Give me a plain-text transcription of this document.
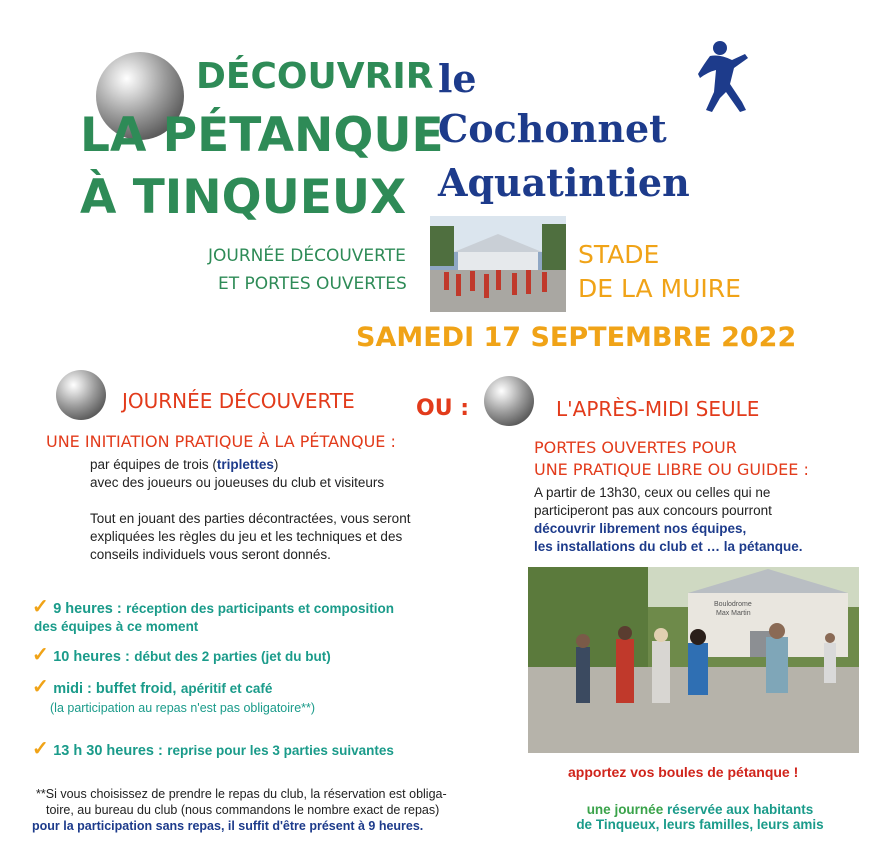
DÉCOUVRIR
LA PÉTANQUE
À TINQUEUX
le
Cochonnet
Aquatintien
JOURNÉE DÉCOUVERTE
ET PORTES OUVERTES
STADE
DE LA MUIRE
SAMEDI 17 SEPTEMBRE 2022
JOURNÉE DÉCOUVERTE	OU :	L'APRÈS-MIDI SEULE
UNE INITIATION PRATIQUE À LA PÉTANQUE :
par équipes de trois (triplettes)
avec des joueurs ou joueuses du club et visiteurs
Tout en jouant des parties décontractées, vous seront
expliquées les règles du jeu et les techniques et des
conseils individuels vous seront donnés.
✓ 9 heures : réception des participants et composition
des équipes à ce moment
✓ 10 heures : début des 2 parties (jet du but)
✓ midi : buffet froid, apéritif et café
(la participation au repas n'est pas obligatoire**)
✓ 13 h 30 heures : reprise pour les 3 parties suivantes
**Si vous choisissez de prendre le repas du club, la réservation est obliga-
toire, au bureau du club (nous commandons le nombre exact de repas)
pour la participation sans repas, il suffit d'être présent à 9 heures.
PORTES OUVERTES POUR
UNE PRATIQUE LIBRE OU GUIDEE :
A partir de 13h30, ceux ou celles qui ne
participeront pas aux concours pourront
découvrir librement nos équipes,
les installations du club et … la pétanque.
Boulodrome
Max Martin
apportez vos boules de pétanque !
une journée réservée aux habitants
de Tinqueux, leurs familles, leurs amis
